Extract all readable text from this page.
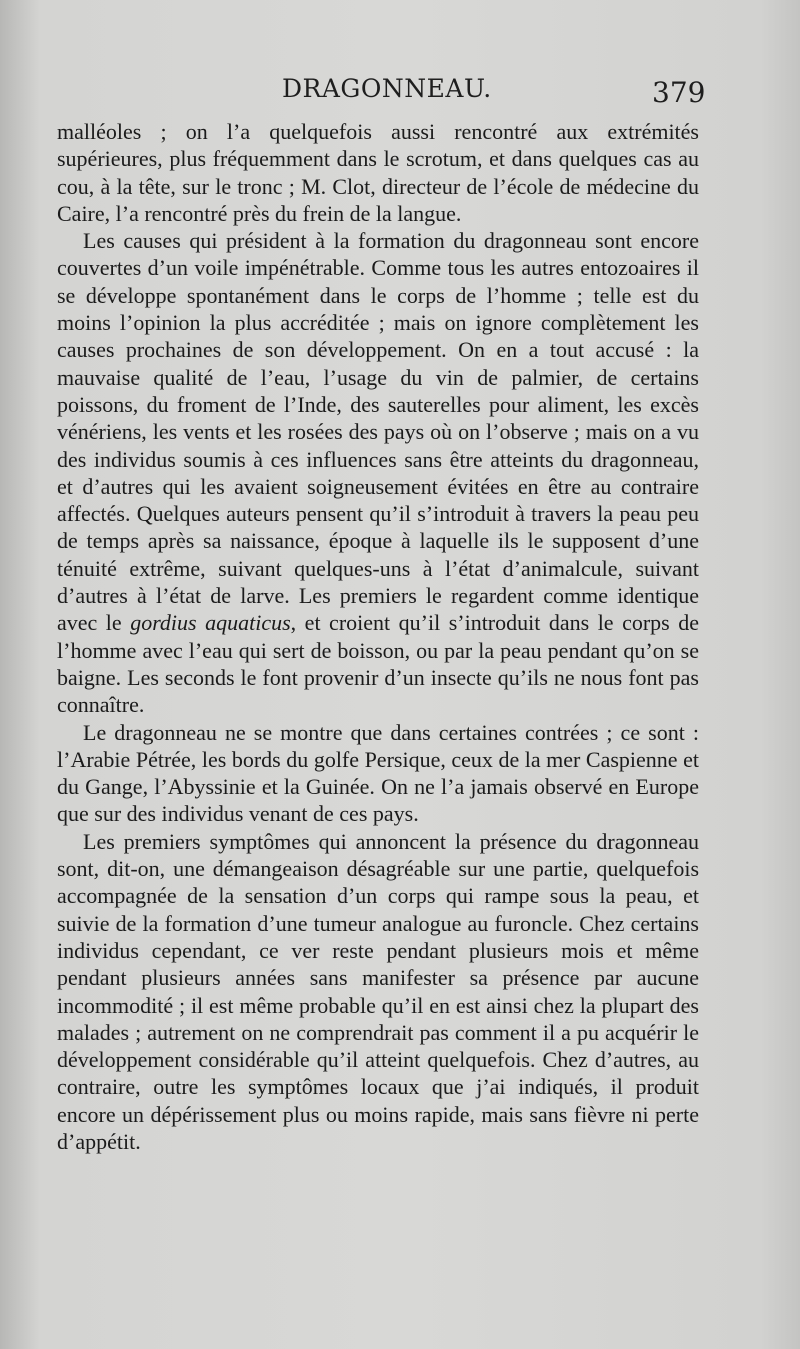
DRAGONNEAU.	379

malléoles ; on l’a quelquefois aussi rencontré aux extrémités supérieures, plus fréquemment dans le scrotum, et dans quelques cas au cou, à la tête, sur le tronc ; M. Clot, directeur de l’école de médecine du Caire, l’a rencontré près du frein de la langue.

Les causes qui président à la formation du dragonneau sont encore couvertes d’un voile impénétrable. Comme tous les autres entozoaires il se développe spontanément dans le corps de l’homme ; telle est du moins l’opinion la plus accréditée ; mais on ignore complètement les causes prochaines de son développement. On en a tout accusé : la mauvaise qualité de l’eau, l’usage du vin de palmier, de certains poissons, du froment de l’Inde, des sauterelles pour aliment, les excès vénériens, les vents et les rosées des pays où on l’observe ; mais on a vu des individus soumis à ces influences sans être atteints du dragonneau, et d’autres qui les avaient soigneusement évitées en être au contraire affectés. Quelques auteurs pensent qu’il s’introduit à travers la peau peu de temps après sa naissance, époque à laquelle ils le supposent d’une ténuité extrême, suivant quelques-uns à l’état d’animalcule, suivant d’autres à l’état de larve. Les premiers le regardent comme identique avec le gordius aquaticus, et croient qu’il s’introduit dans le corps de l’homme avec l’eau qui sert de boisson, ou par la peau pendant qu’on se baigne. Les seconds le font provenir d’un insecte qu’ils ne nous font pas connaître.

Le dragonneau ne se montre que dans certaines contrées ; ce sont : l’Arabie Pétrée, les bords du golfe Persique, ceux de la mer Caspienne et du Gange, l’Abyssinie et la Guinée. On ne l’a jamais observé en Europe que sur des individus venant de ces pays.

Les premiers symptômes qui annoncent la présence du dragonneau sont, dit-on, une démangeaison désagréable sur une partie, quelquefois accompagnée de la sensation d’un corps qui rampe sous la peau, et suivie de la formation d’une tumeur analogue au furoncle. Chez certains individus cependant, ce ver reste pendant plusieurs mois et même pendant plusieurs années sans manifester sa présence par aucune incommodité ; il est même probable qu’il en est ainsi chez la plupart des malades ; autrement on ne comprendrait pas comment il a pu acquérir le développement considérable qu’il atteint quelquefois. Chez d’autres, au contraire, outre les symptômes locaux que j’ai indiqués, il produit encore un dépérissement plus ou moins rapide, mais sans fièvre ni perte d’appétit.
